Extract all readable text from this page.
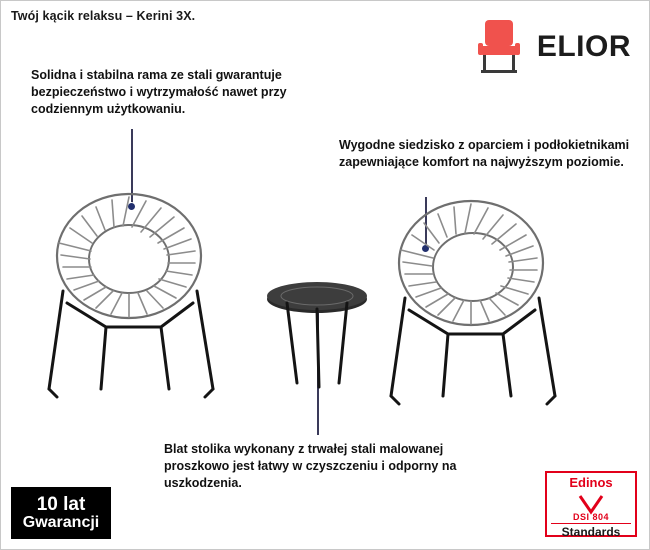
Twój kącik relaksu – Kerini 3X.
ELIOR
Solidna i stabilna rama ze stali gwarantuje bezpieczeństwo i wytrzymałość nawet przy codziennym użytkowaniu.
Wygodne siedzisko z oparciem i podłokietnikami zapewniające komfort na najwyższym poziomie.
Blat stolika wykonany z trwałej stali malowanej proszkowo jest łatwy w czyszczeniu i odporny na uszkodzenia.
10 lat
Gwarancji
Edinos
DSI 804
Standards
